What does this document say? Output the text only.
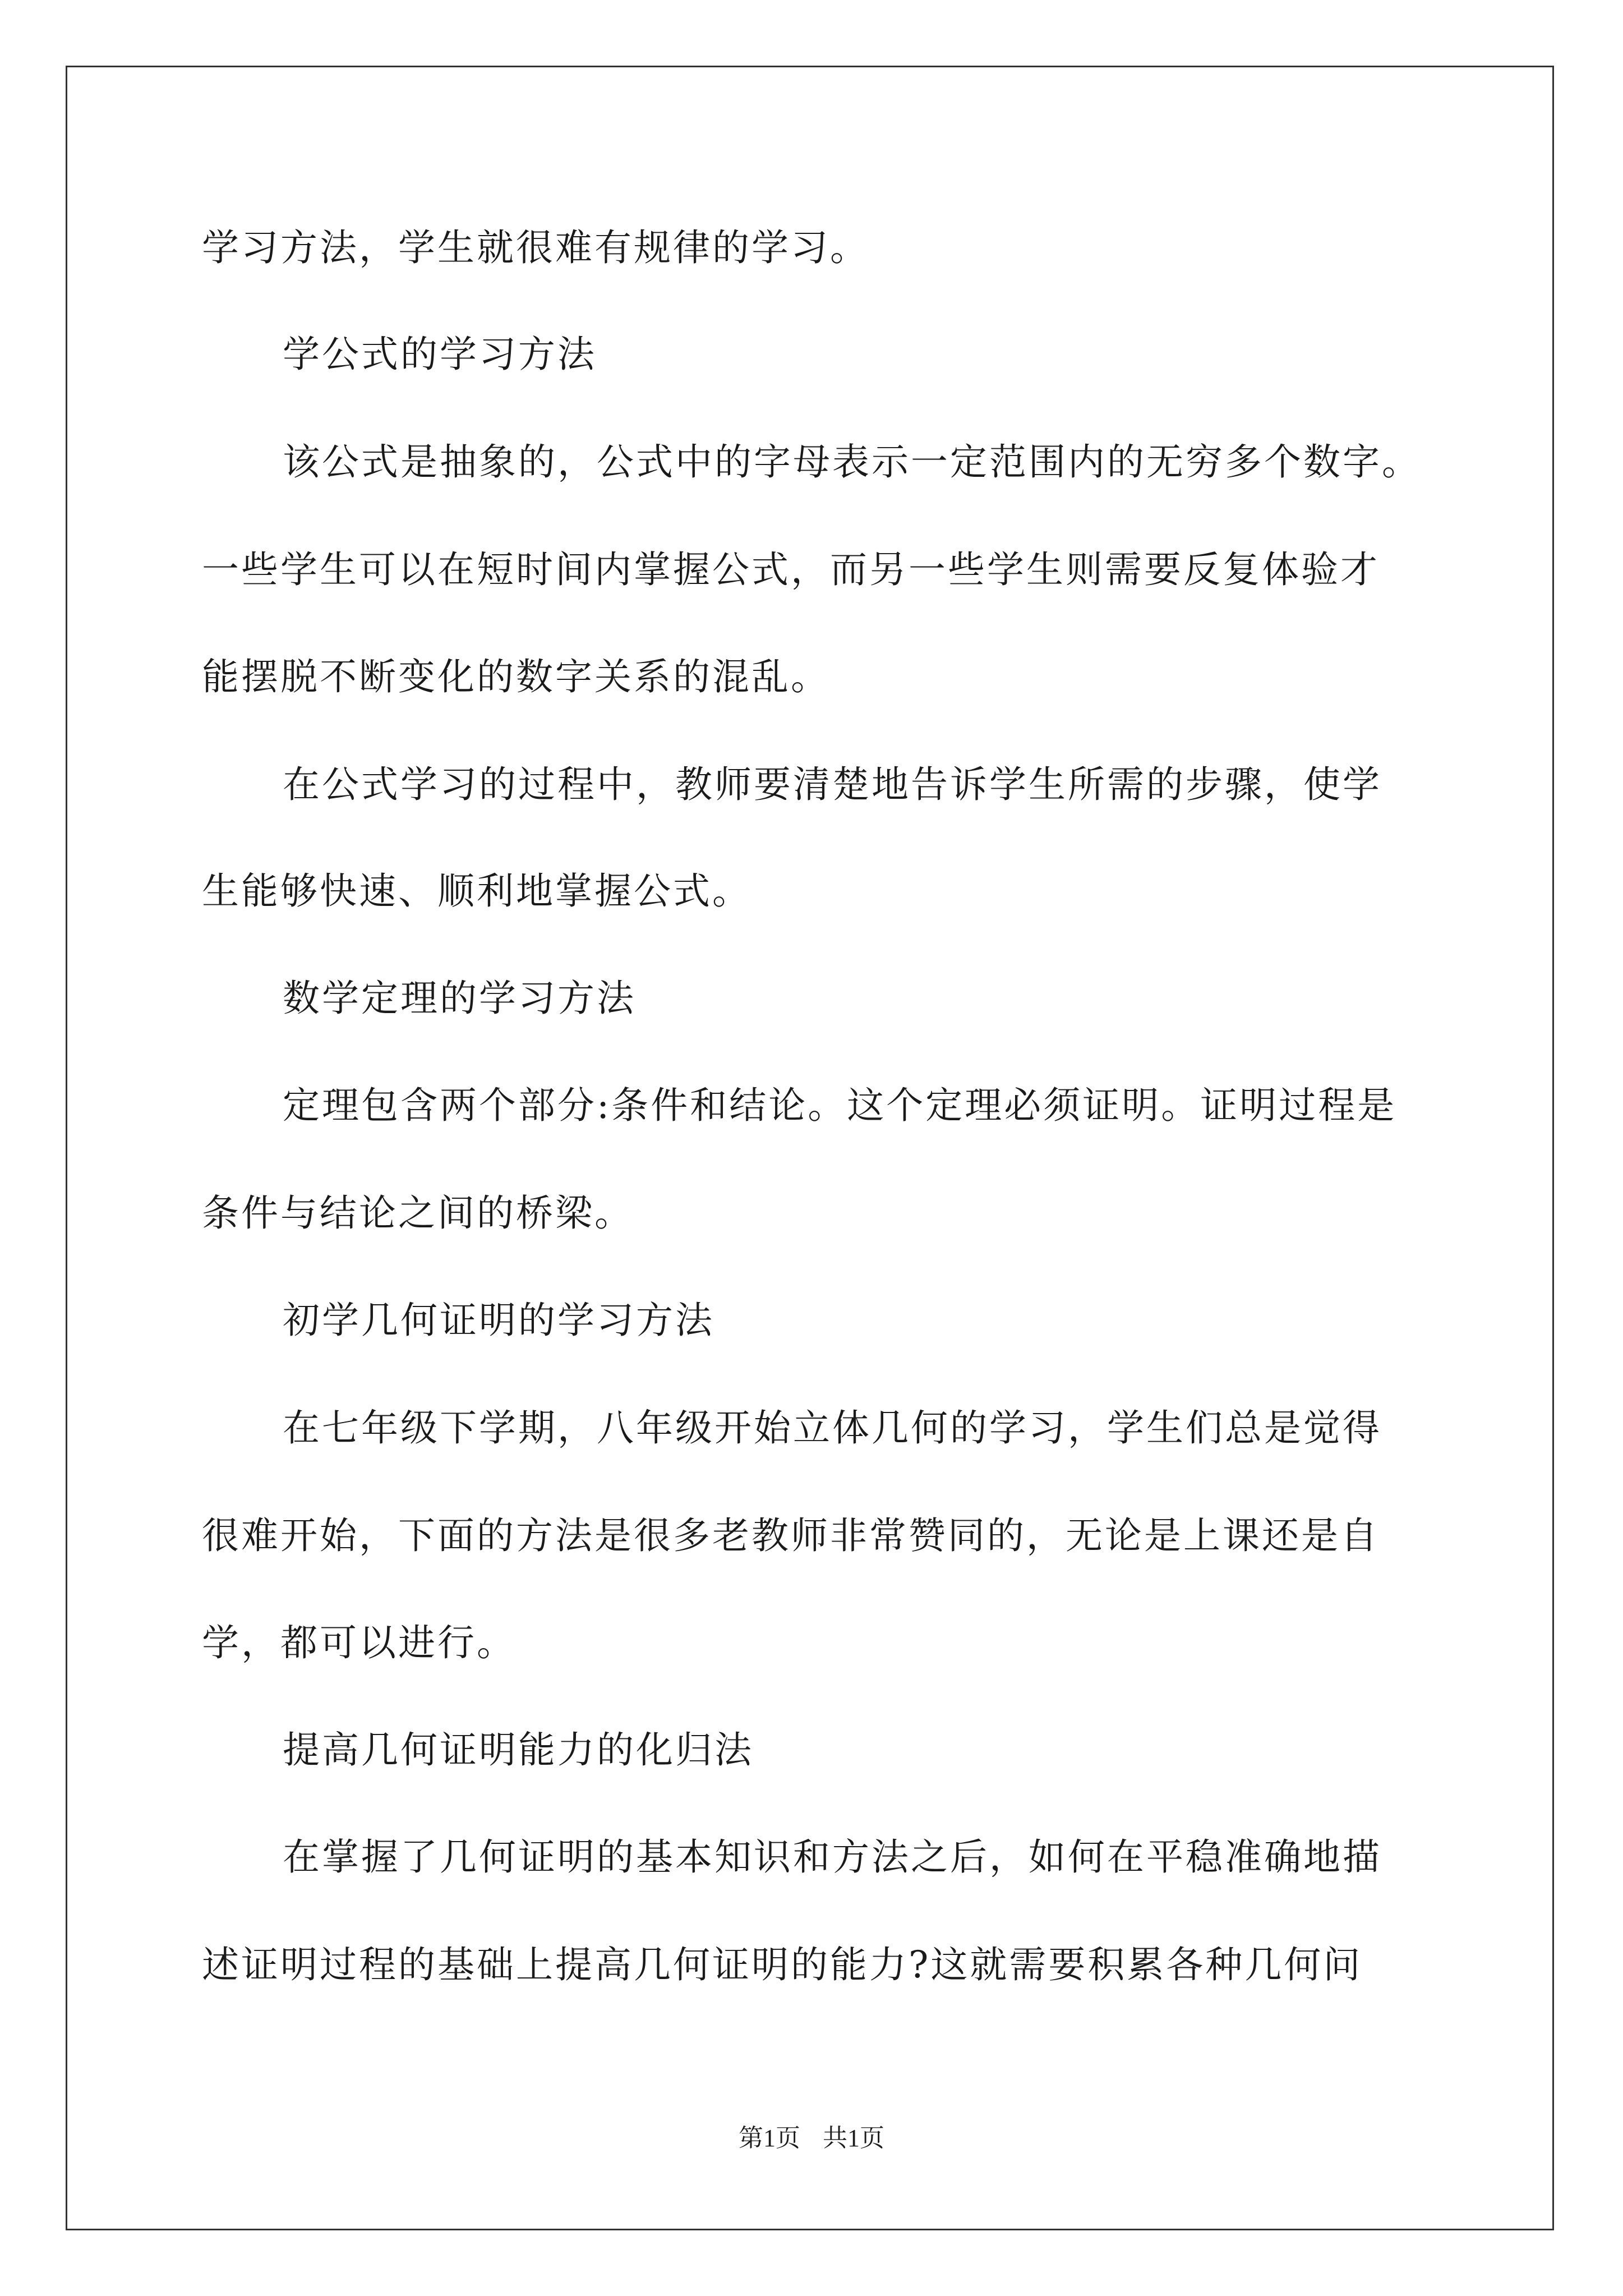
学习方法，学生就很难有规律的学习。
学公式的学习方法
该公式是抽象的，公式中的字母表示一定范围内的无穷多个数字。
一些学生可以在短时间内掌握公式，而另一些学生则需要反复体验才
能摆脱不断变化的数字关系的混乱。
在公式学习的过程中，教师要清楚地告诉学生所需的步骤，使学
生能够快速、顺利地掌握公式。
数学定理的学习方法
定理包含两个部分:条件和结论。这个定理必须证明。证明过程是
条件与结论之间的桥梁。
初学几何证明的学习方法
在七年级下学期，八年级开始立体几何的学习，学生们总是觉得
很难开始，下面的方法是很多老教师非常赞同的，无论是上课还是自
学，都可以进行。
提高几何证明能力的化归法
在掌握了几何证明的基本知识和方法之后，如何在平稳准确地描
述证明过程的基础上提高几何证明的能力?这就需要积累各种几何问
第1页 共1页
